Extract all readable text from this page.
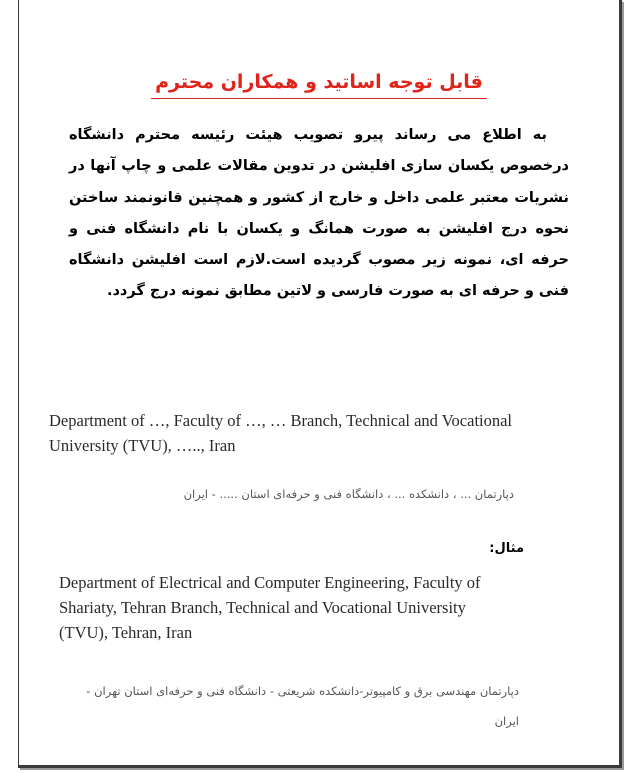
قابل توجه اساتید و همکاران محترم
به اطلاع می رساند پیرو تصویب هیئت رئیسه محترم دانشگاه درخصوص یکسان سازی افلیشن در تدوین مقالات علمی و چاپ آنها در نشریات معتبر علمی داخل و خارج از کشور و همچنین قانونمند ساختن نحوه درج افلیشن به صورت همانگ و یکسان با نام دانشگاه فنی و حرفه ای، نمونه زیر مصوب گردیده است.لازم است افلیشن دانشگاه فنی و حرفه ای به صورت فارسی و لاتین مطابق نمونه درج گردد.
Department of …, Faculty of …, … Branch, Technical and Vocational University (TVU), ….., Iran
دپارتمان ... ، دانشکده ... ، دانشگاه فنی و حرفه‌ای استان ..... - ایران
مثال:
Department of Electrical and Computer Engineering, Faculty of Shariaty, Tehran Branch, Technical and Vocational University (TVU), Tehran, Iran
دپارتمان مهندسی برق و کامپیوتر-دانشکده شریعتی - دانشگاه فنی و حرفه‌ای استان تهران - ایران
